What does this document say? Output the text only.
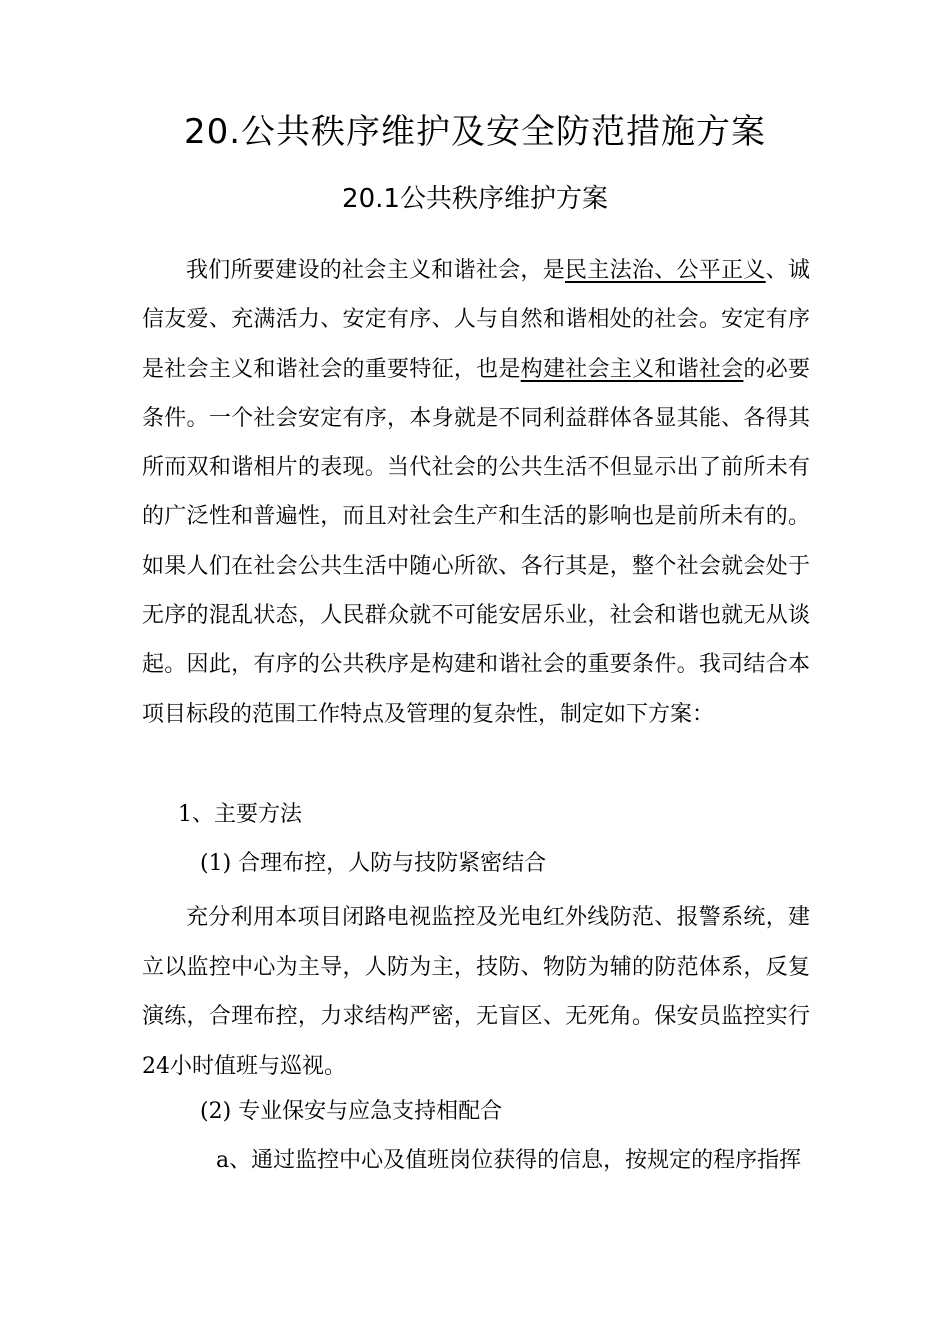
20.公共秩序维护及安全防范措施方案
20.1公共秩序维护方案

我们所要建设的社会主义和谐社会，是民主法治、公平正义、诚信友爱、充满活力、安定有序、人与自然和谐相处的社会。安定有序是社会主义和谐社会的重要特征，也是构建社会主义和谐社会的必要条件。一个社会安定有序，本身就是不同利益群体各显其能、各得其所而双和谐相片的表现。当代社会的公共生活不但显示出了前所未有的广泛性和普遍性，而且对社会生产和生活的影响也是前所未有的。如果人们在社会公共生活中随心所欲、各行其是，整个社会就会处于无序的混乱状态，人民群众就不可能安居乐业，社会和谐也就无从谈起。因此，有序的公共秩序是构建和谐社会的重要条件。我司结合本项目标段的范围工作特点及管理的复杂性，制定如下方案：

1、主要方法

(1) 合理布控，人防与技防紧密结合

充分利用本项目闭路电视监控及光电红外线防范、报警系统，建立以监控中心为主导，人防为主，技防、物防为辅的防范体系，反复演练，合理布控，力求结构严密，无盲区、无死角。保安员监控实行24小时值班与巡视。

(2) 专业保安与应急支持相配合

a、通过监控中心及值班岗位获得的信息，按规定的程序指挥
